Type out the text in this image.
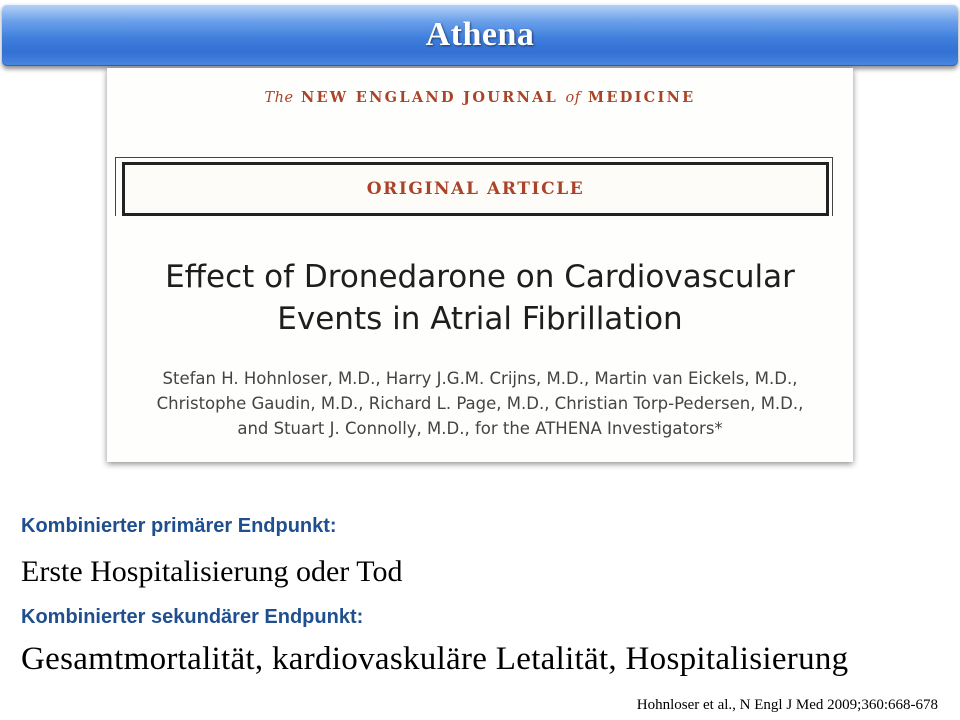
Athena
The NEW ENGLAND JOURNAL of MEDICINE
ORIGINAL ARTICLE
Effect of Dronedarone on Cardiovascular
Events in Atrial Fibrillation
Stefan H. Hohnloser, M.D., Harry J.G.M. Crijns, M.D., Martin van Eickels, M.D.,
Christophe Gaudin, M.D., Richard L. Page, M.D., Christian Torp-Pedersen, M.D.,
and Stuart J. Connolly, M.D., for the ATHENA Investigators*
Kombinierter primärer Endpunkt:
Erste Hospitalisierung oder Tod
Kombinierter sekundärer Endpunkt:
Gesamtmortalität, kardiovaskuläre Letalität, Hospitalisierung
Hohnloser et al., N Engl J Med 2009;360:668-678
